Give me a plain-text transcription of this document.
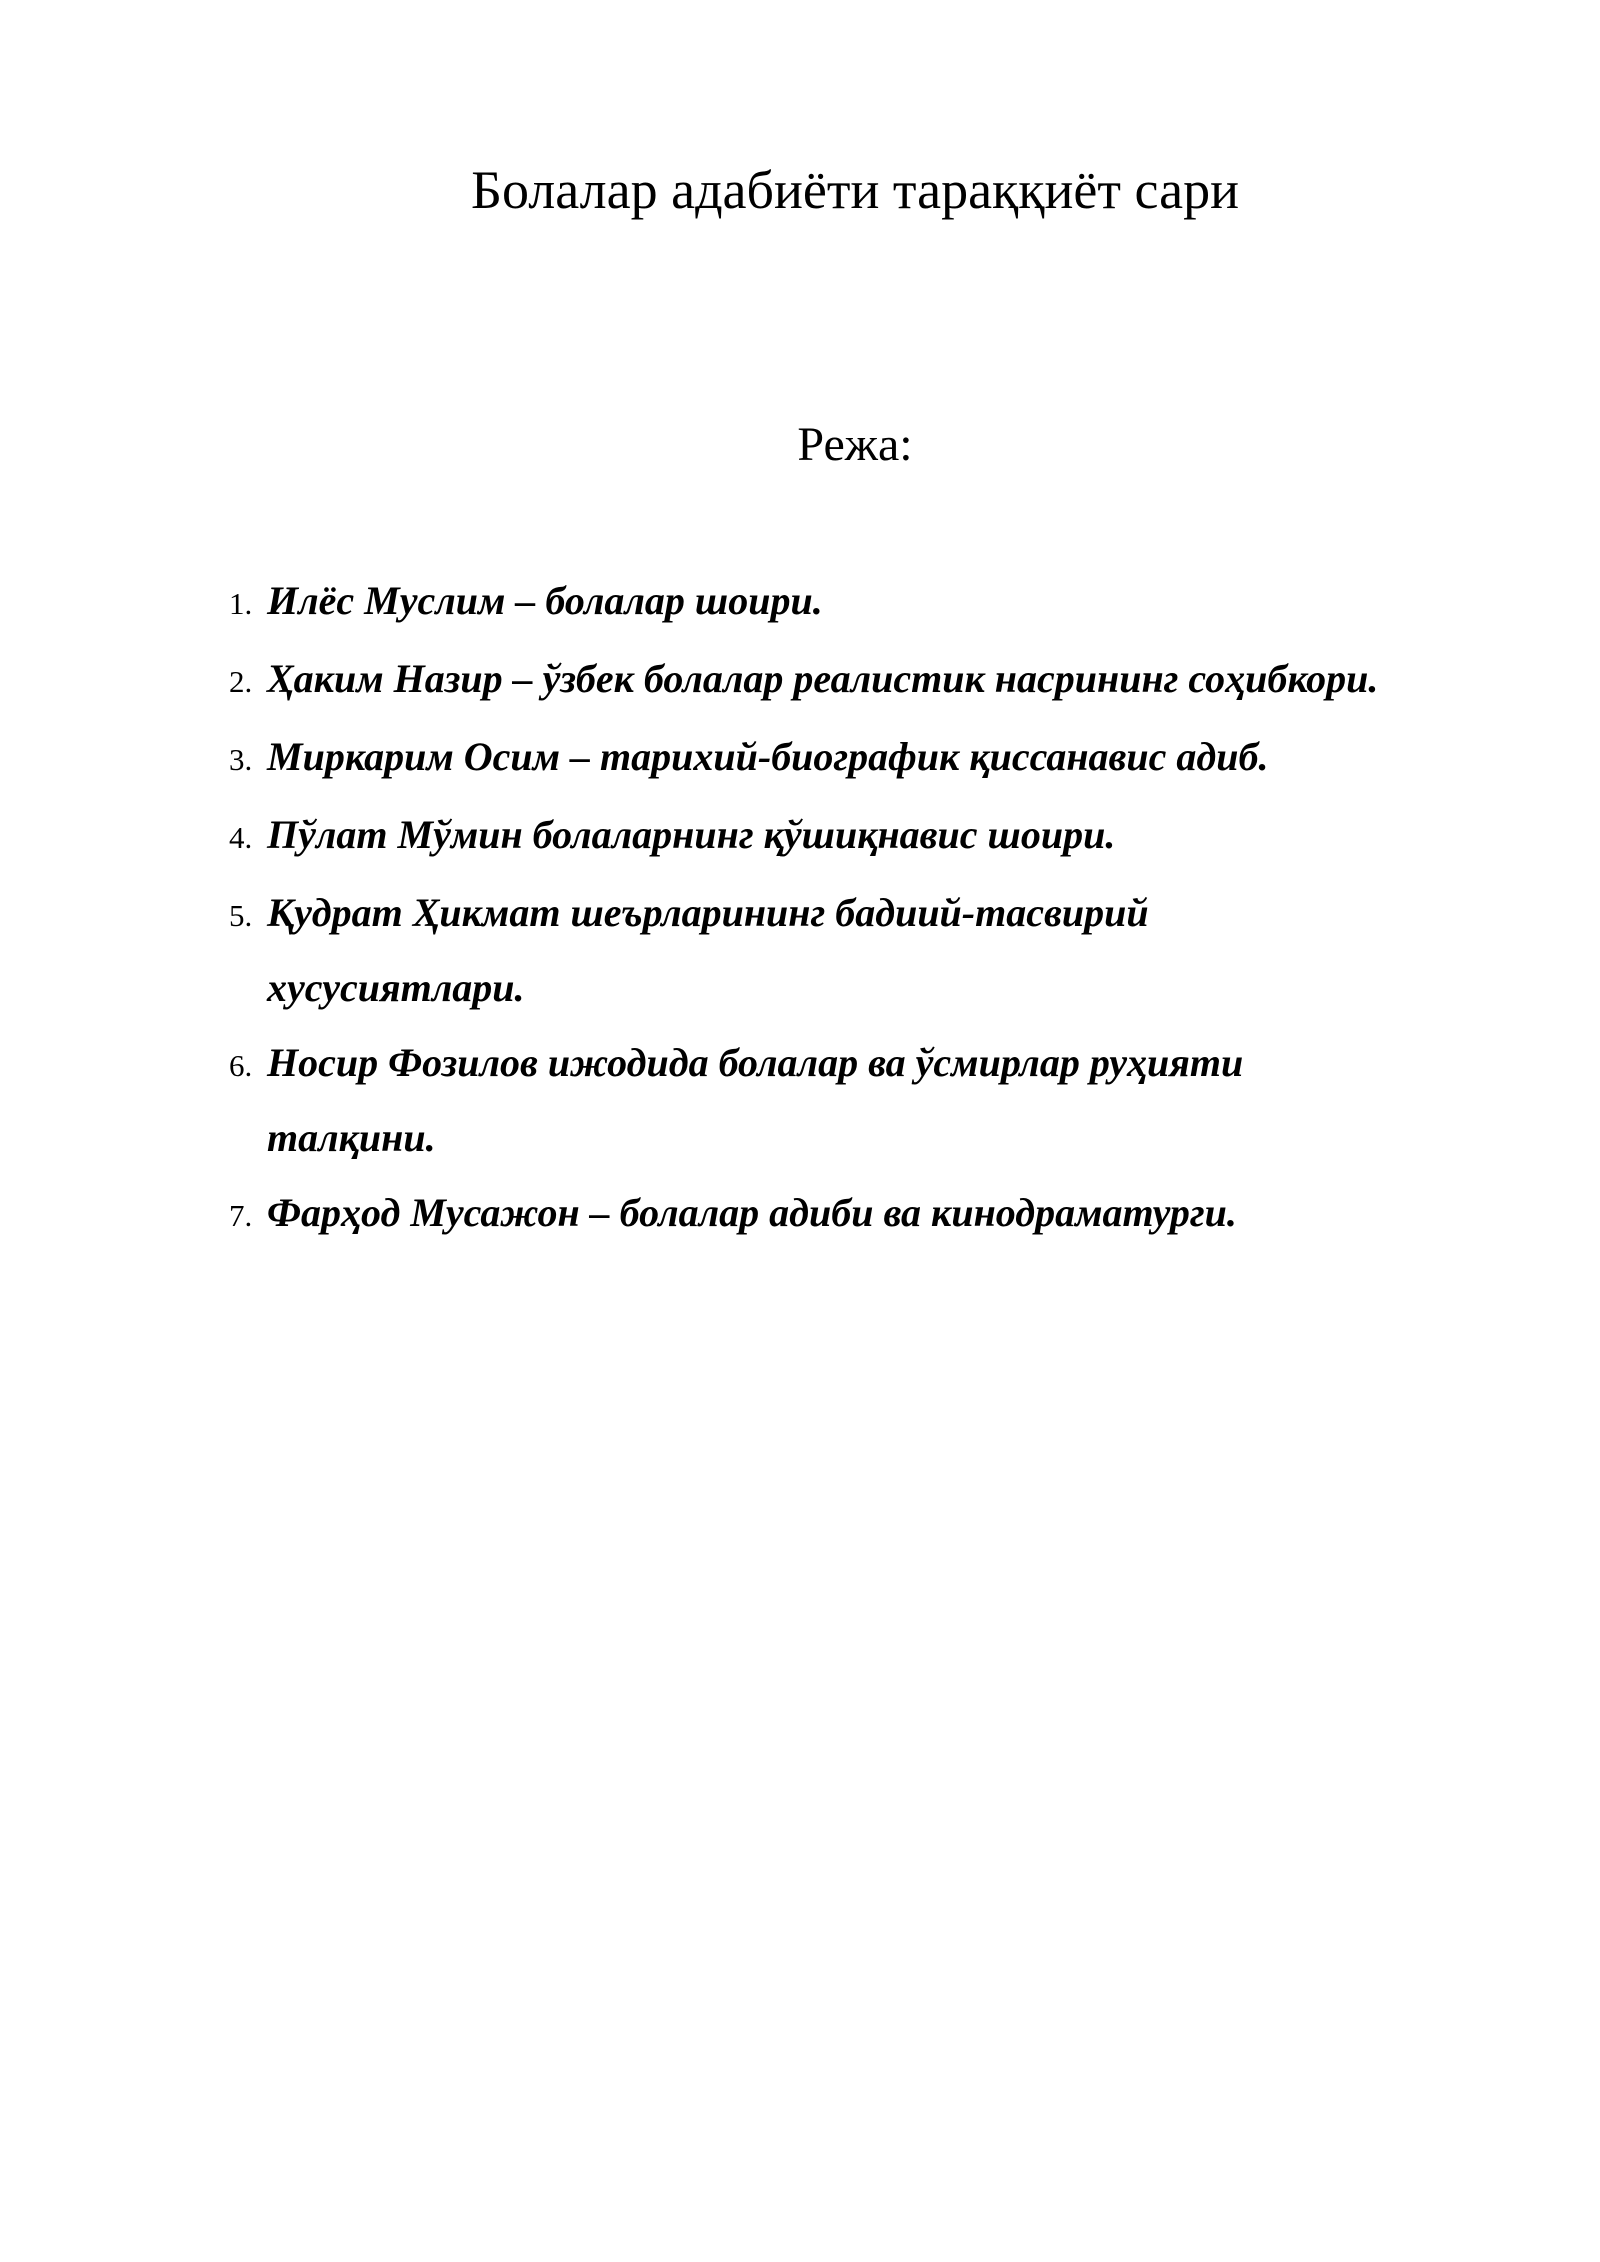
Болалар адабиёти тараққиёт сари
Режа:
1. Илёс Муслим – болалар шоири.
2. Ҳаким Назир – ўзбек болалар реалистик насрининг соҳибкори.
3. Миркарим Осим – тарихий-биографик қиссанавис адиб.
4. Пўлат Мўмин болаларнинг қўшиқнавис шоири.
5. Қудрат Ҳикмат шеърларининг бадиий-тасвирий хусусиятлари.
6. Носир Фозилов ижодида болалар ва ўсмирлар руҳияти талқини.
7. Фарҳод Мусажон – болалар адиби ва кинодраматурги.
